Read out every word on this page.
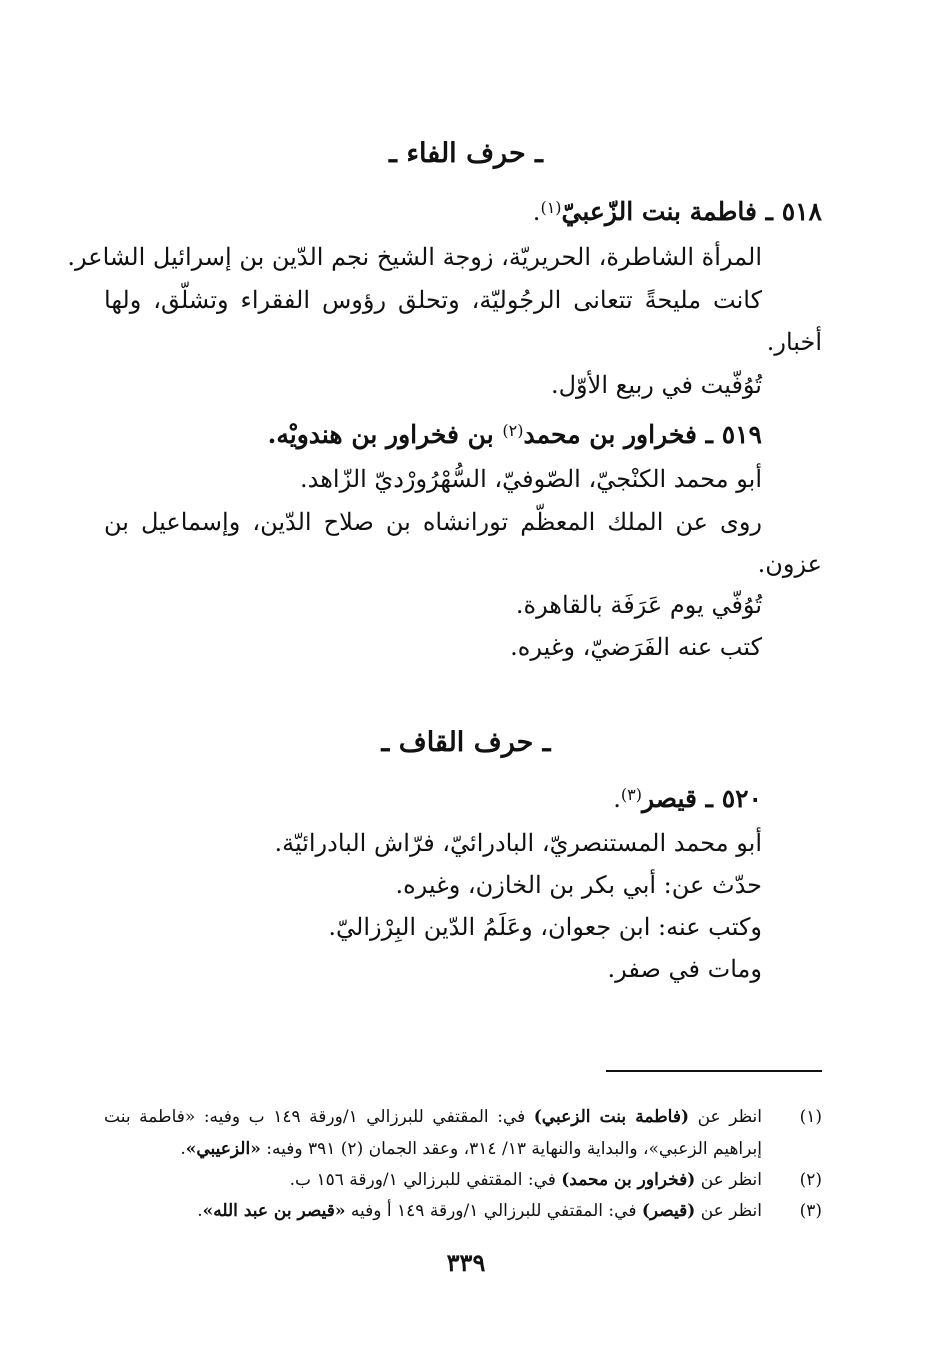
ـ حرف الفاء ـ
٥١٨ ـ فاطمة بنت الزّعبيّ$^{(١)}$.
المرأة الشاطرة، الحريريّة، زوجة الشيخ نجم الدّين بن إسرائيل الشاعر.
كانت مليحةً تتعانى الرجُوليّة، وتحلق رؤوس الفقراء وتشلّق، ولها
أخبار.
تُوُفّيت في ربيع الأوّل.
٥١٩ ـ فخراور بن محمد$^{(٢)}$ بن فخراور بن هندويْه.
أبو محمد الكنْجيّ، الصّوفيّ، السُّهْرُورْديّ الزّاهد.
روى عن الملك المعظّم تورانشاه بن صلاح الدّين، وإسماعيل بن
عزون.
تُوُفّي يوم عَرَفَة بالقاهرة.
كتب عنه الفَرَضيّ، وغيره.
ـ حرف القاف ـ
٥٢٠ ـ قيصر$^{(٣)}$.
أبو محمد المستنصريّ، البادرائيّ، فرّاش البادرائيّة.
حدّث عن: أبي بكر بن الخازن، وغيره.
وكتب عنه: ابن جعوان، وعَلَمُ الدّين البِرْزاليّ.
ومات في صفر.
(١)
انظر عن (فاطمة بنت الزعبي) في: المقتفي للبرزالي ١/ورقة ١٤٩ ب وفيه: «فاطمة بنت
إبراهيم الزعبي»، والبداية والنهاية ١٣/ ٣١٤، وعقد الجمان (٢) ٣٩١ وفيه: «الزعيبي».
(٢)
انظر عن (فخراور بن محمد) في: المقتفي للبرزالي ١/ورقة ١٥٦ ب.
(٣)
انظر عن (قيصر) في: المقتفي للبرزالي ١/ورقة ١٤٩ أ وفيه «قيصر بن عبد الله».
٣٣٩
